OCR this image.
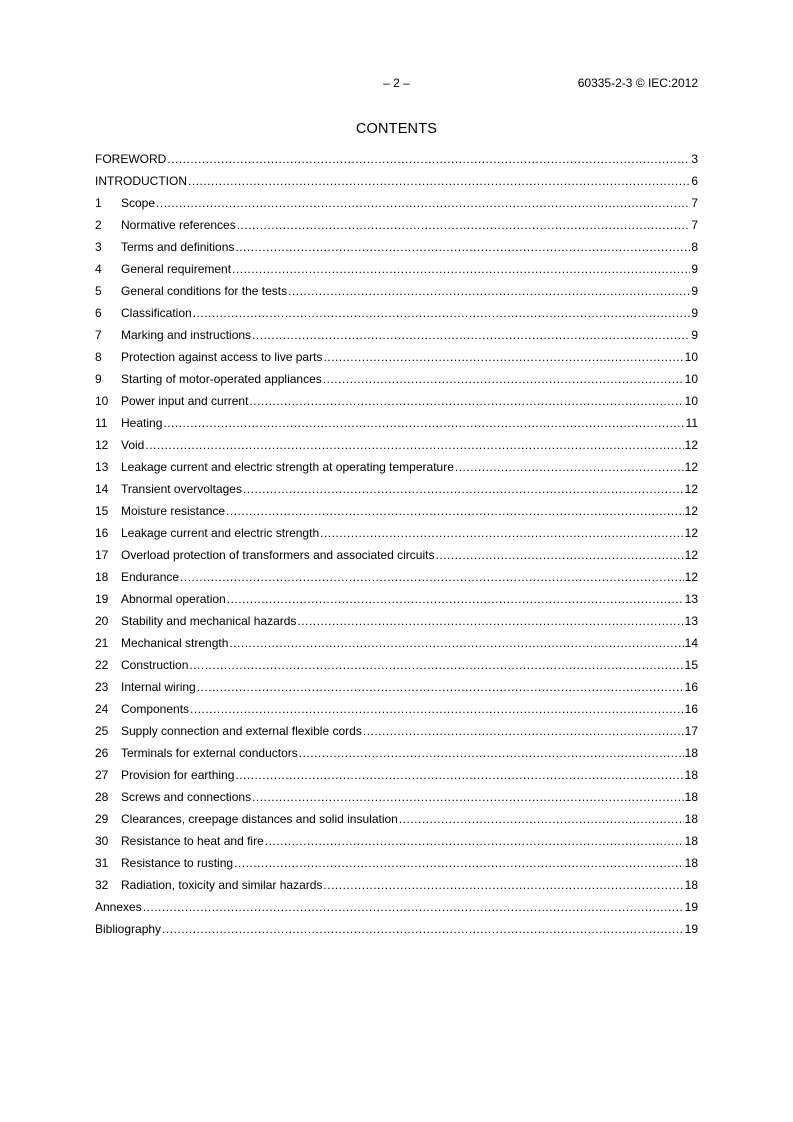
– 2 –	60335-2-3 © IEC:2012
CONTENTS
FOREWORD .....	3
INTRODUCTION .....	6
1	Scope .....	7
2	Normative references .....	7
3	Terms and definitions .....	8
4	General requirement .....	9
5	General conditions for the tests .....	9
6	Classification .....	9
7	Marking and instructions .....	9
8	Protection against access to live parts .....	10
9	Starting of motor-operated appliances .....	10
10	Power input and current .....	10
11	Heating .....	11
12	Void .....	12
13	Leakage current and electric strength at operating temperature .....	12
14	Transient overvoltages .....	12
15	Moisture resistance .....	12
16	Leakage current and electric strength .....	12
17	Overload protection of transformers and associated circuits .....	12
18	Endurance .....	12
19	Abnormal operation .....	13
20	Stability and mechanical hazards .....	13
21	Mechanical strength .....	14
22	Construction .....	15
23	Internal wiring .....	16
24	Components .....	16
25	Supply connection and external flexible cords .....	17
26	Terminals for external conductors .....	18
27	Provision for earthing .....	18
28	Screws and connections .....	18
29	Clearances, creepage distances and solid insulation .....	18
30	Resistance to heat and fire .....	18
31	Resistance to rusting .....	18
32	Radiation, toxicity and similar hazards .....	18
Annexes .....	19
Bibliography .....	19
